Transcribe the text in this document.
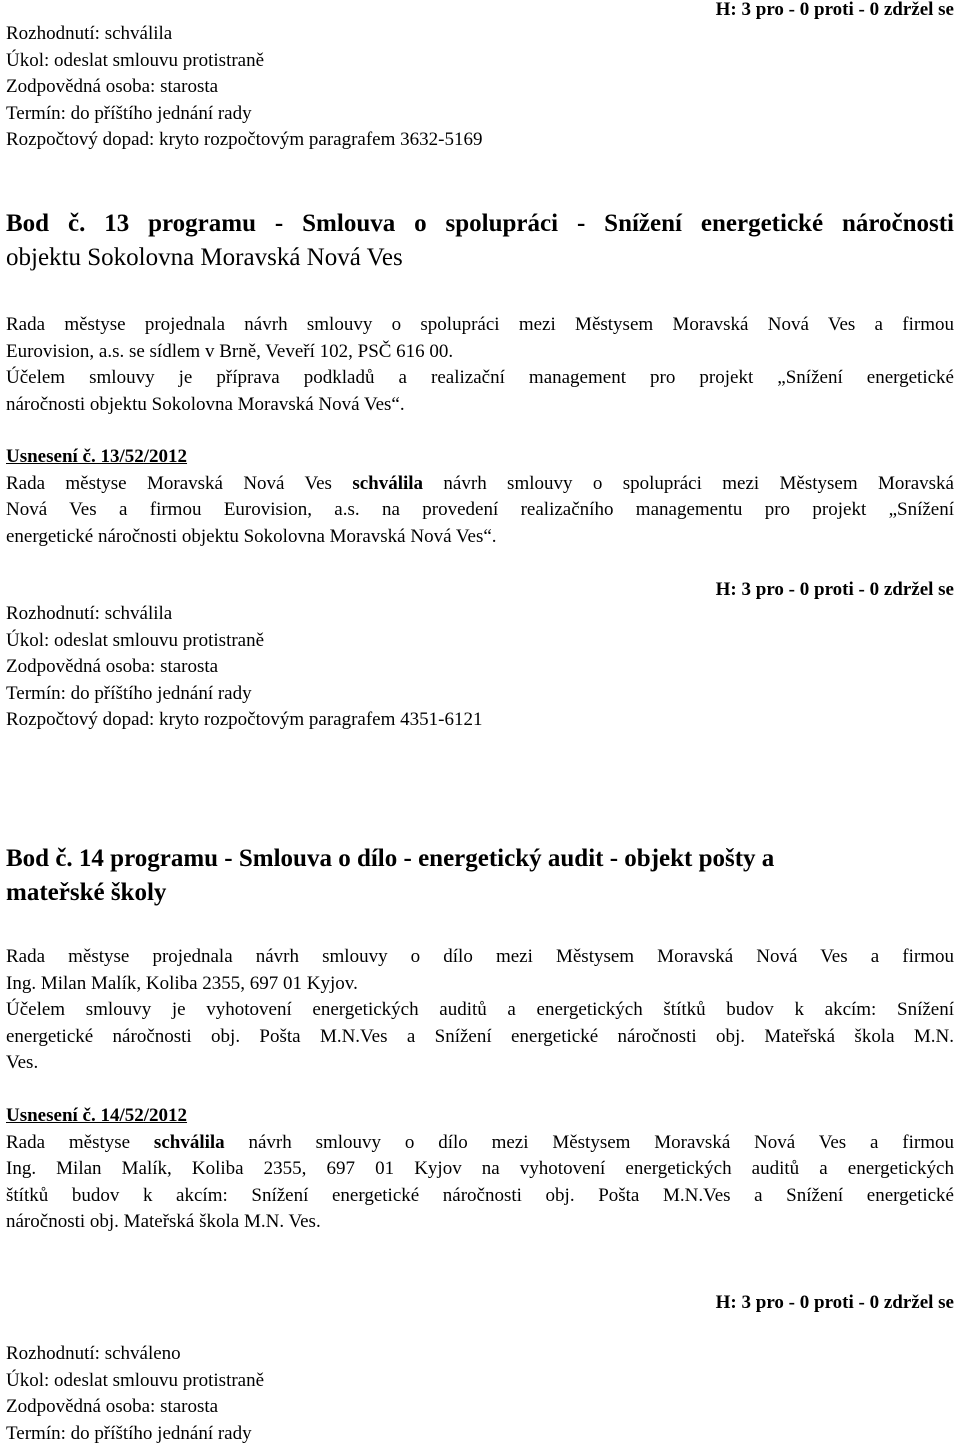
H: 3 pro - 0 proti - 0 zdržel se
Rozhodnutí: schválila
Úkol: odeslat smlouvu protistraně
Zodpovědná osoba: starosta
Termín: do příštího jednání rady
Rozpočtový dopad: kryto rozpočtovým paragrafem 3632-5169
Bod č. 13 programu - Smlouva o spolupráci - Snížení energetické náročnosti
objektu Sokolovna Moravská Nová Ves
Rada městyse projednala návrh smlouvy o spolupráci mezi Městysem Moravská Nová Ves a firmou
Eurovision, a.s. se sídlem v Brně, Veveří 102, PSČ 616 00.
Účelem smlouvy je příprava podkladů a realizační management pro projekt „Snížení energetické
náročnosti objektu Sokolovna Moravská Nová Ves“.
Usnesení č. 13/52/2012
Rada městyse Moravská Nová Ves schválila návrh smlouvy o spolupráci mezi Městysem Moravská
Nová Ves a firmou Eurovision, a.s. na provedení realizačního managementu pro projekt „Snížení
energetické náročnosti objektu Sokolovna Moravská Nová Ves“.
H: 3 pro - 0 proti - 0 zdržel se
Rozhodnutí: schválila
Úkol: odeslat smlouvu protistraně
Zodpovědná osoba: starosta
Termín: do příštího jednání rady
Rozpočtový dopad: kryto rozpočtovým paragrafem 4351-6121
Bod č. 14 programu - Smlouva o dílo - energetický audit - objekt pošty a
mateřské školy
Rada městyse projednala návrh smlouvy o dílo mezi Městysem Moravská Nová Ves a firmou
Ing. Milan Malík, Koliba 2355, 697 01 Kyjov.
Účelem smlouvy je vyhotovení energetických auditů a energetických štítků budov k akcím: Snížení
energetické náročnosti obj. Pošta M.N.Ves a Snížení energetické náročnosti obj. Mateřská škola M.N.
Ves.
Usnesení č. 14/52/2012
Rada městyse schválila návrh smlouvy o dílo mezi Městysem Moravská Nová Ves a firmou
Ing. Milan Malík, Koliba 2355, 697 01 Kyjov na vyhotovení energetických auditů a energetických
štítků budov k akcím: Snížení energetické náročnosti obj. Pošta M.N.Ves a Snížení energetické
náročnosti obj. Mateřská škola M.N. Ves.
H: 3 pro - 0 proti - 0 zdržel se
Rozhodnutí: schváleno
Úkol: odeslat smlouvu protistraně
Zodpovědná osoba: starosta
Termín: do příštího jednání rady
